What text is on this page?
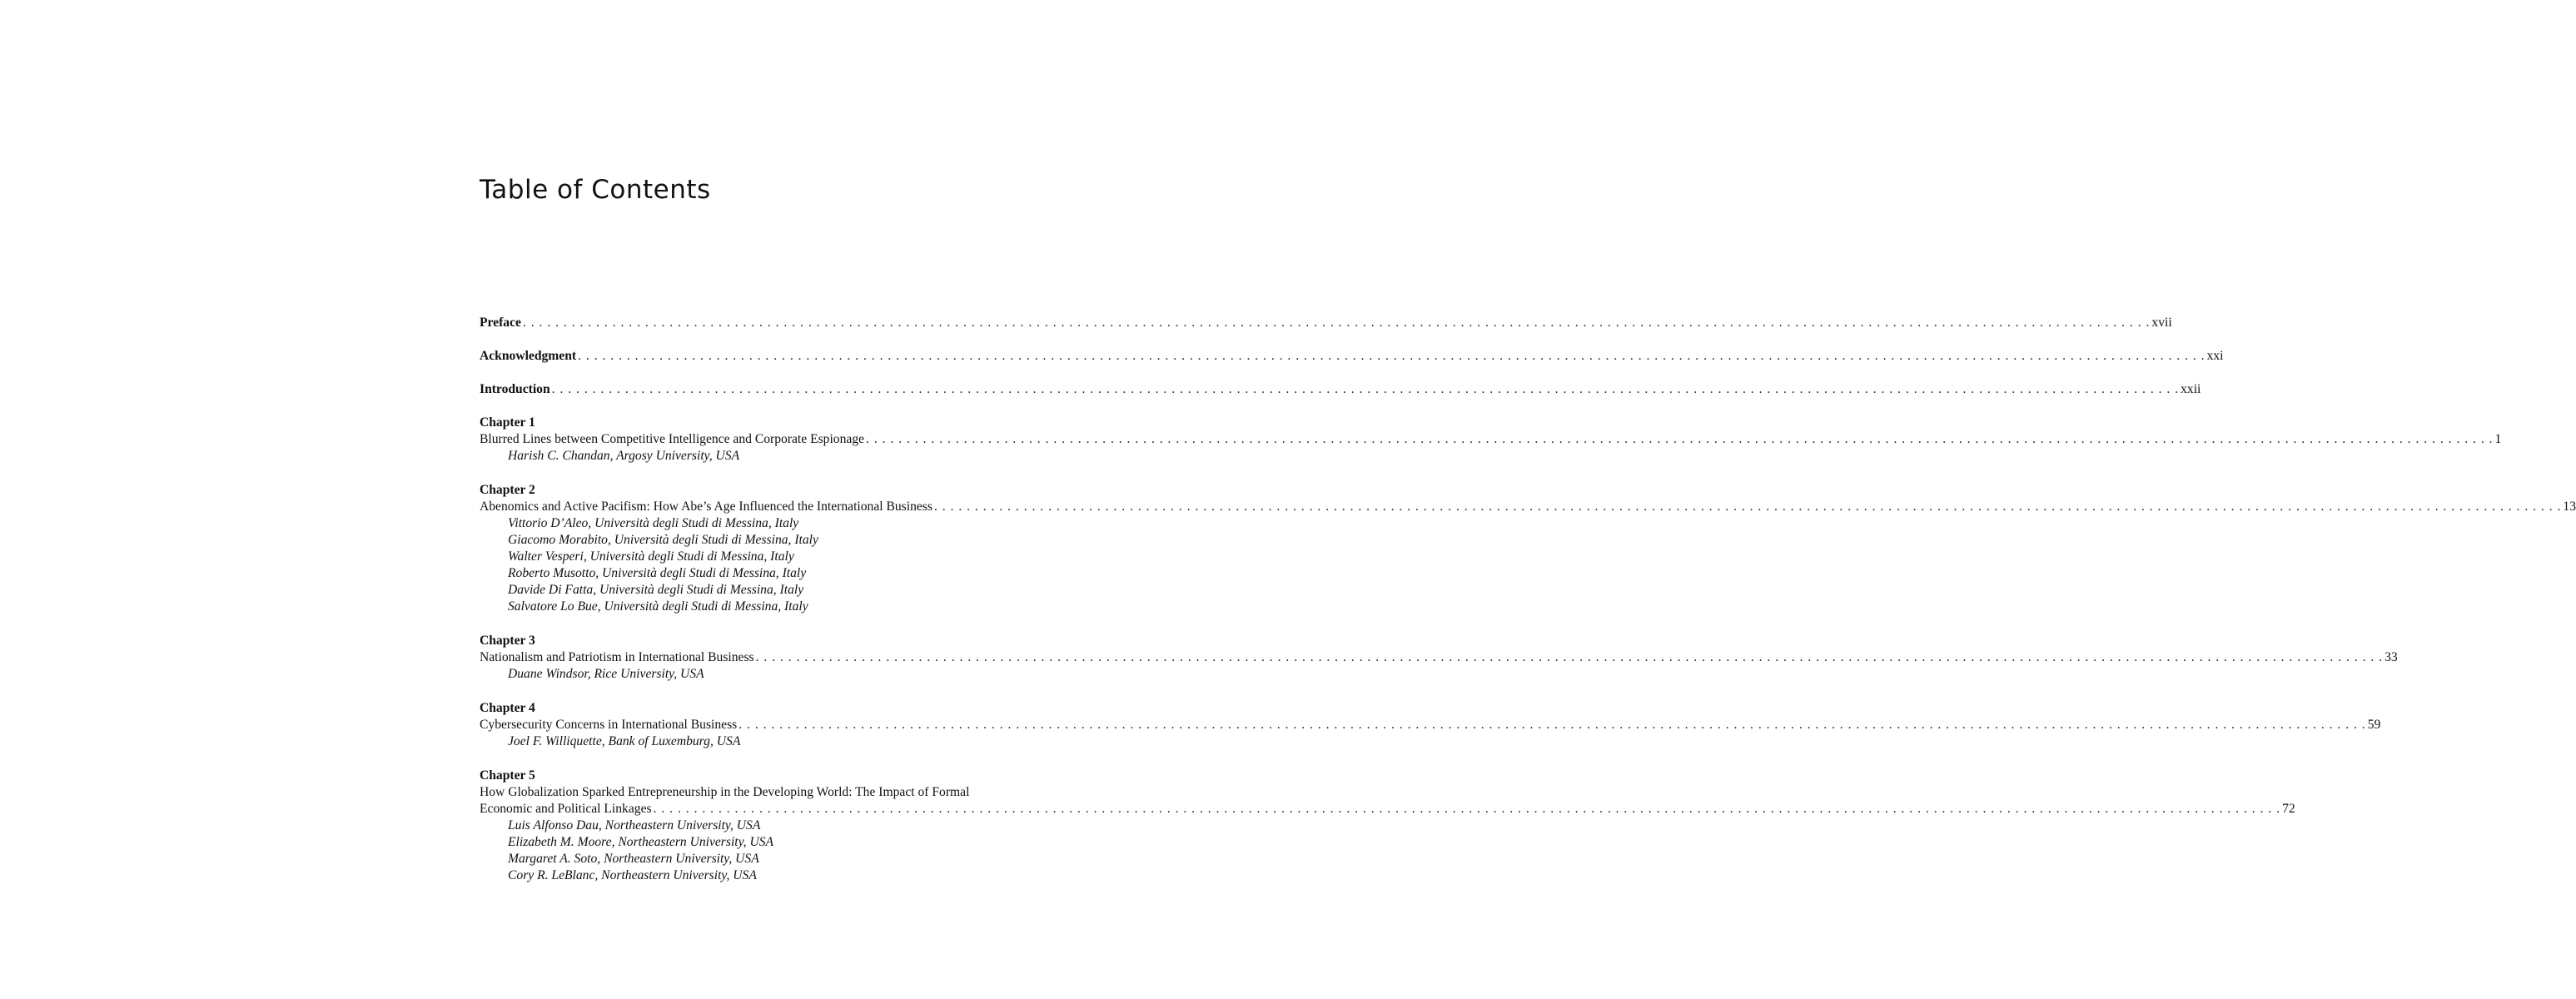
Table of Contents
Preface . . . . . . . . . . . . . . . . . . . . . . . . . . . . . . . . . . . . . . . . . . . . . . . . . . . . . . . . . . . . . . . . . . . . . . . . . . . . . . . . . . . . . . . . . . . . . . . . . . . . . . . . . . . . . . . . . . . . . . . . . . . . . . . . . . . . . . . . . . . . . . . . . . . . . . . . . . . . . . . . . . . . . . . . . . . . . . . . . . . . . . . . . . . . . . . . . . . . . . . . xvii
Acknowledgment . . . . . . . . . . . . . . . . . . . . . . . . . . . . . . . . . . . . . . . . . . . . . . . . . . . . . . . . . . . . . . . . . . . . . . . . . . . . . . . . . . . . . . . . . . . . . . . . . . . . . . . . . . . . . . . . . . . . . . . . . . . . . . . . . . . . . . . . . . . . . . . . . . . . . . . . . . . . . . . . . . . . . . . . . . . . . . . . . . . . . . . . . . . . . . . . . . . . . . . . xxi
Introduction . . . . . . . . . . . . . . . . . . . . . . . . . . . . . . . . . . . . . . . . . . . . . . . . . . . . . . . . . . . . . . . . . . . . . . . . . . . . . . . . . . . . . . . . . . . . . . . . . . . . . . . . . . . . . . . . . . . . . . . . . . . . . . . . . . . . . . . . . . . . . . . . . . . . . . . . . . . . . . . . . . . . . . . . . . . . . . . . . . . . . . . . . . . . . . . . . . . . . . . . xxii
Chapter 1
Blurred Lines between Competitive Intelligence and Corporate Espionage . . . . . . . . . . . . . . . . . . . . . . . . . . . . . . . . . . . . . . . . . . . . . . . . . . . . . . . . . . . . . . . . . . . . . . . . . . . . . . . . . . . . . . . . . . . . . . . . . . . . . . . . . . . . . . . . . . . . . . . . . . . . . . . . . . . . . . . . . . . . . . . . . . . . . . . . . . . . . . . . . . . . . . . . . . . . . . . . . . . . . . . . . . . . . . . . . . . . . . . . 1
Harish C. Chandan, Argosy University, USA
Chapter 2
Abenomics and Active Pacifism: How Abe’s Age Influenced the International Business . . . . . . . . . . . . . . . . . . . . . . . . . . . . . . . . . . . . . . . . . . . . . . . . . . . . . . . . . . . . . . . . . . . . . . . . . . . . . . . . . . . . . . . . . . . . . . . . . . . . . . . . . . . . . . . . . . . . . . . . . . . . . . . . . . . . . . . . . . . . . . . . . . . . . . . . . . . . . . . . . . . . . . . . . . . . . . . . . . . . . . . . . . . . . . . . . . . . . . . . 13
Vittorio D’Aleo, Università degli Studi di Messina, Italy
Giacomo Morabito, Università degli Studi di Messina, Italy
Walter Vesperi, Università degli Studi di Messina, Italy
Roberto Musotto, Università degli Studi di Messina, Italy
Davide Di Fatta, Università degli Studi di Messina, Italy
Salvatore Lo Bue, Università degli Studi di Messina, Italy
Chapter 3
Nationalism and Patriotism in International Business . . . . . . . . . . . . . . . . . . . . . . . . . . . . . . . . . . . . . . . . . . . . . . . . . . . . . . . . . . . . . . . . . . . . . . . . . . . . . . . . . . . . . . . . . . . . . . . . . . . . . . . . . . . . . . . . . . . . . . . . . . . . . . . . . . . . . . . . . . . . . . . . . . . . . . . . . . . . . . . . . . . . . . . . . . . . . . . . . . . . . . . . . . . . . . . . . . . . . . . . 33
Duane Windsor, Rice University, USA
Chapter 4
Cybersecurity Concerns in International Business . . . . . . . . . . . . . . . . . . . . . . . . . . . . . . . . . . . . . . . . . . . . . . . . . . . . . . . . . . . . . . . . . . . . . . . . . . . . . . . . . . . . . . . . . . . . . . . . . . . . . . . . . . . . . . . . . . . . . . . . . . . . . . . . . . . . . . . . . . . . . . . . . . . . . . . . . . . . . . . . . . . . . . . . . . . . . . . . . . . . . . . . . . . . . . . . . . . . . . . . 59
Joel F. Williquette, Bank of Luxemburg, USA
Chapter 5
How Globalization Sparked Entrepreneurship in the Developing World: The Impact of Formal
Economic and Political Linkages . . . . . . . . . . . . . . . . . . . . . . . . . . . . . . . . . . . . . . . . . . . . . . . . . . . . . . . . . . . . . . . . . . . . . . . . . . . . . . . . . . . . . . . . . . . . . . . . . . . . . . . . . . . . . . . . . . . . . . . . . . . . . . . . . . . . . . . . . . . . . . . . . . . . . . . . . . . . . . . . . . . . . . . . . . . . . . . . . . . . . . . . . . . . . . . . . . . . . . . . 72
Luis Alfonso Dau, Northeastern University, USA
Elizabeth M. Moore, Northeastern University, USA
Margaret A. Soto, Northeastern University, USA
Cory R. LeBlanc, Northeastern University, USA
